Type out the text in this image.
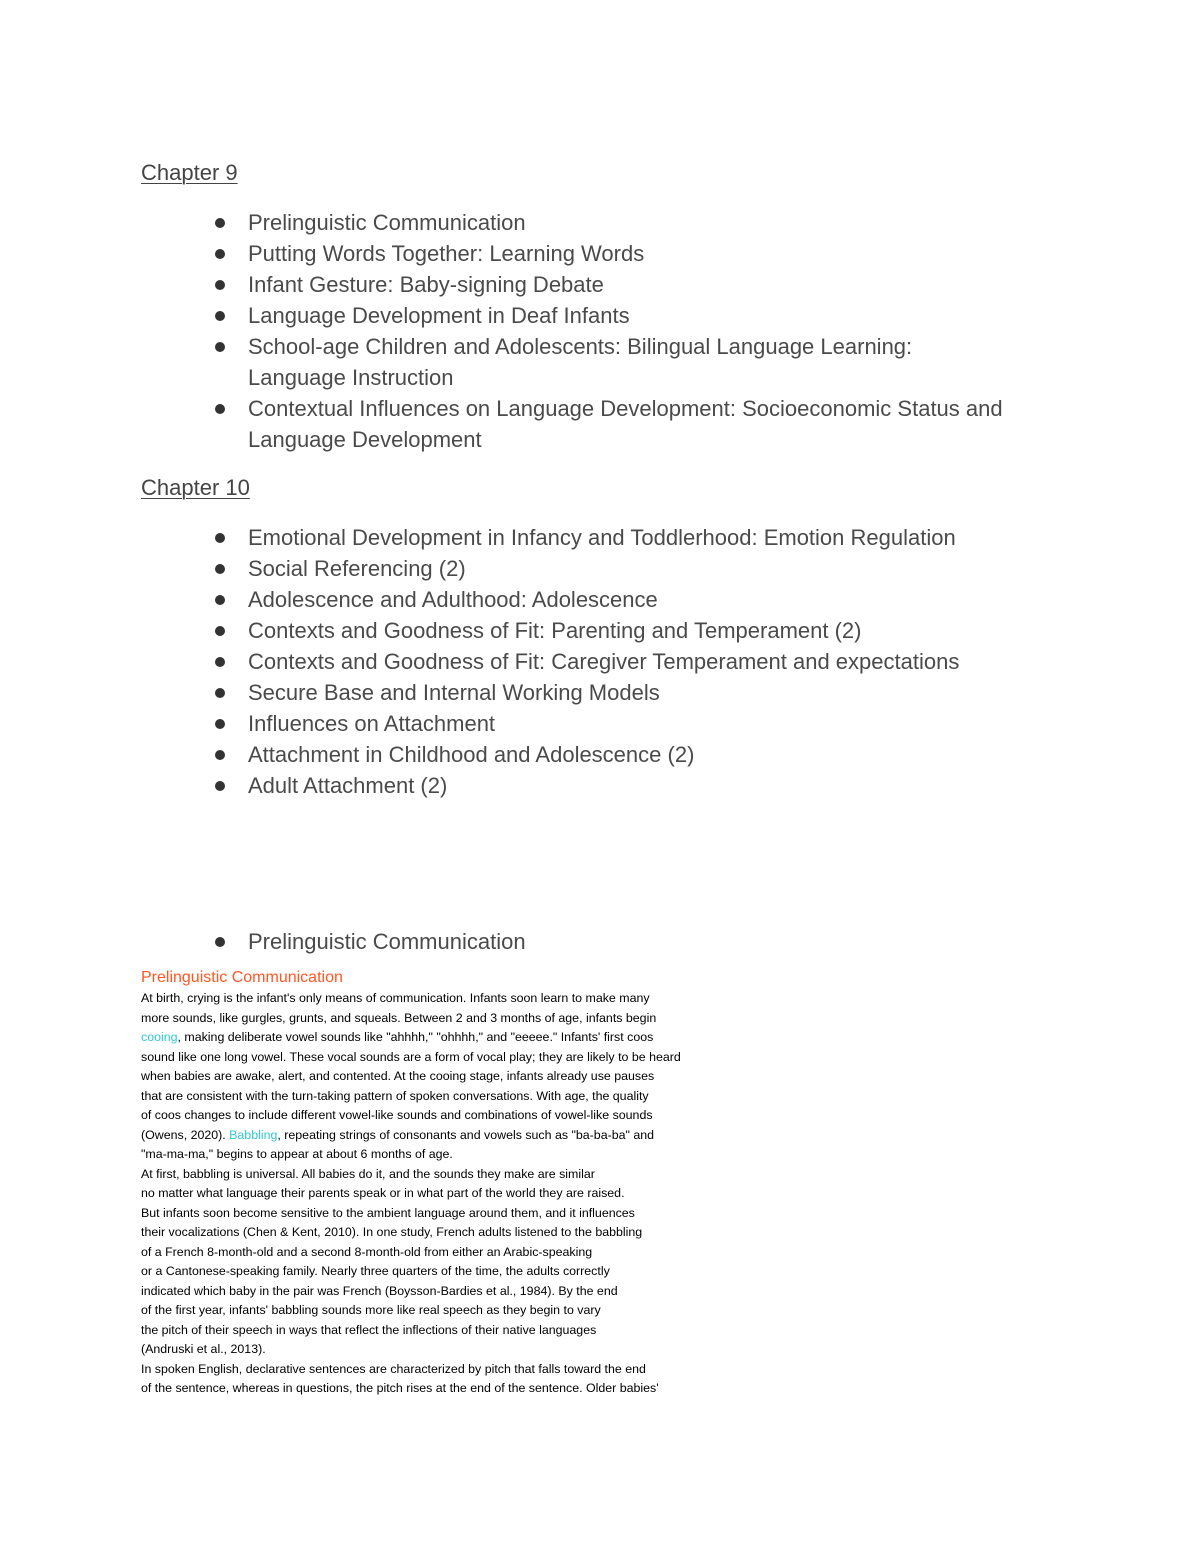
Chapter 9
Prelinguistic Communication
Putting Words Together: Learning Words
Infant Gesture: Baby-signing Debate
Language Development in Deaf Infants
School-age Children and Adolescents: Bilingual Language Learning: Language Instruction
Contextual Influences on Language Development: Socioeconomic Status and Language Development
Chapter 10
Emotional Development in Infancy and Toddlerhood: Emotion Regulation
Social Referencing (2)
Adolescence and Adulthood: Adolescence
Contexts and Goodness of Fit: Parenting and Temperament (2)
Contexts and Goodness of Fit: Caregiver Temperament and expectations
Secure Base and Internal Working Models
Influences on Attachment
Attachment in Childhood and Adolescence (2)
Adult Attachment (2)
Prelinguistic Communication
Prelinguistic Communication
At birth, crying is the infant's only means of communication. Infants soon learn to make many
more sounds, like gurgles, grunts, and squeals. Between 2 and 3 months of age, infants begin
cooing, making deliberate vowel sounds like "ahhhh," "ohhhh," and "eeeee." Infants' first coos
sound like one long vowel. These vocal sounds are a form of vocal play; they are likely to be heard
when babies are awake, alert, and contented. At the cooing stage, infants already use pauses
that are consistent with the turn-taking pattern of spoken conversations. With age, the quality
of coos changes to include different vowel-like sounds and combinations of vowel-like sounds
(Owens, 2020). Babbling, repeating strings of consonants and vowels such as "ba-ba-ba" and
"ma-ma-ma," begins to appear at about 6 months of age.
At first, babbling is universal. All babies do it, and the sounds they make are similar
no matter what language their parents speak or in what part of the world they are raised.
But infants soon become sensitive to the ambient language around them, and it influences
their vocalizations (Chen & Kent, 2010). In one study, French adults listened to the babbling
of a French 8-month-old and a second 8-month-old from either an Arabic-speaking
or a Cantonese-speaking family. Nearly three quarters of the time, the adults correctly
indicated which baby in the pair was French (Boysson-Bardies et al., 1984). By the end
of the first year, infants' babbling sounds more like real speech as they begin to vary
the pitch of their speech in ways that reflect the inflections of their native languages
(Andruski et al., 2013).
In spoken English, declarative sentences are characterized by pitch that falls toward the end
of the sentence, whereas in questions, the pitch rises at the end of the sentence. Older babies'
